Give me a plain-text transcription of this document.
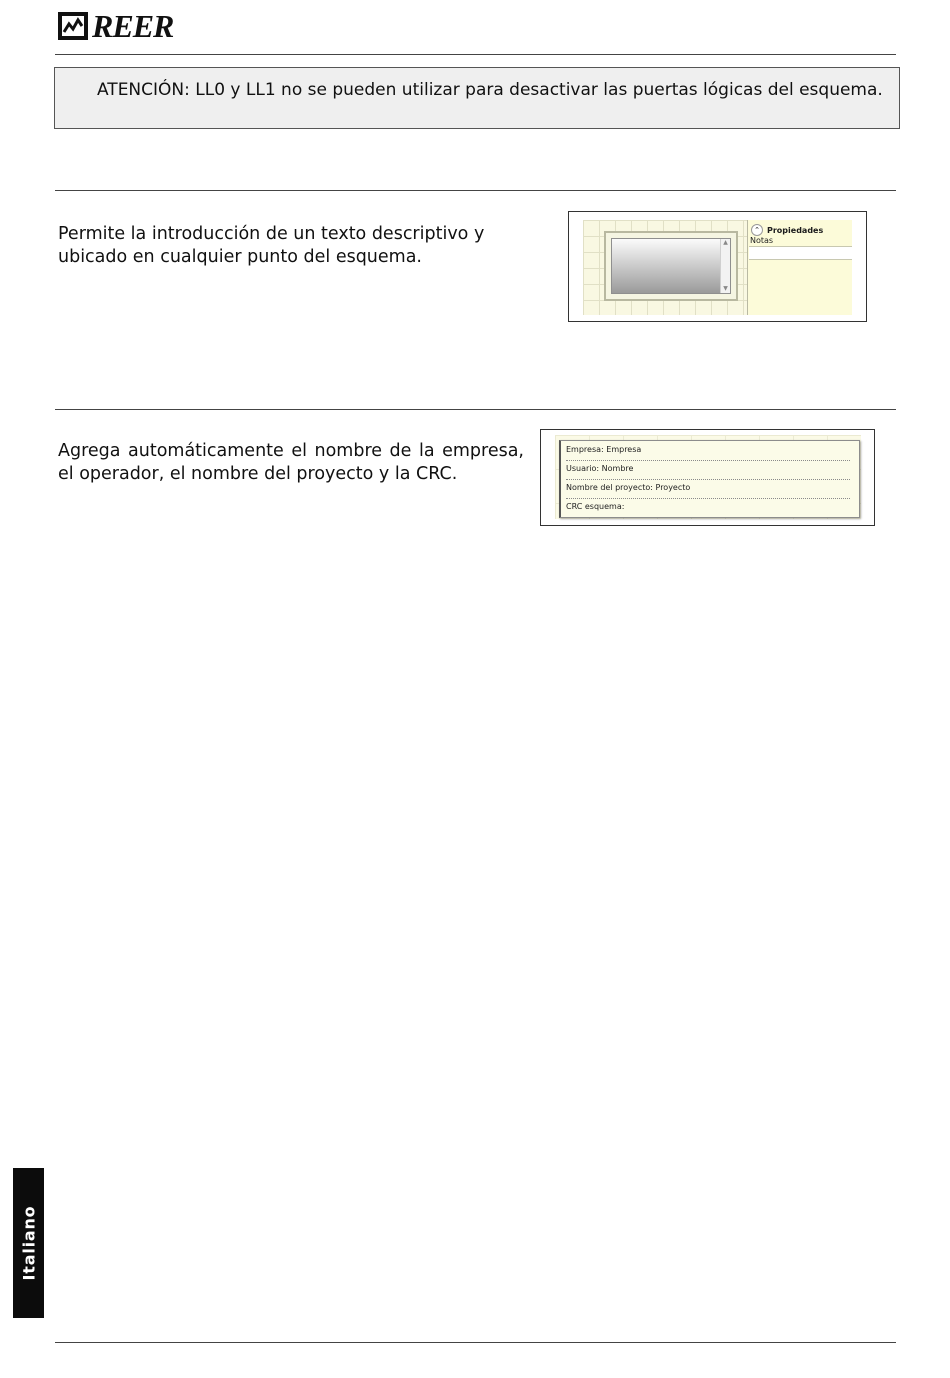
REER
ATENCIÓN: LL0 y LL1 no se pueden utilizar para desactivar las puertas lógicas del esquema.
Permite la introducción de un texto descriptivo y ubicado en cualquier punto del esquema.
▲
▼
⌃ Propiedades
Notas
Agrega automáticamente el nombre de la empresa, el operador, el nombre del proyecto y la CRC.
Empresa: Empresa
Usuario: Nombre
Nombre del proyecto: Proyecto
CRC esquema:
Italiano
